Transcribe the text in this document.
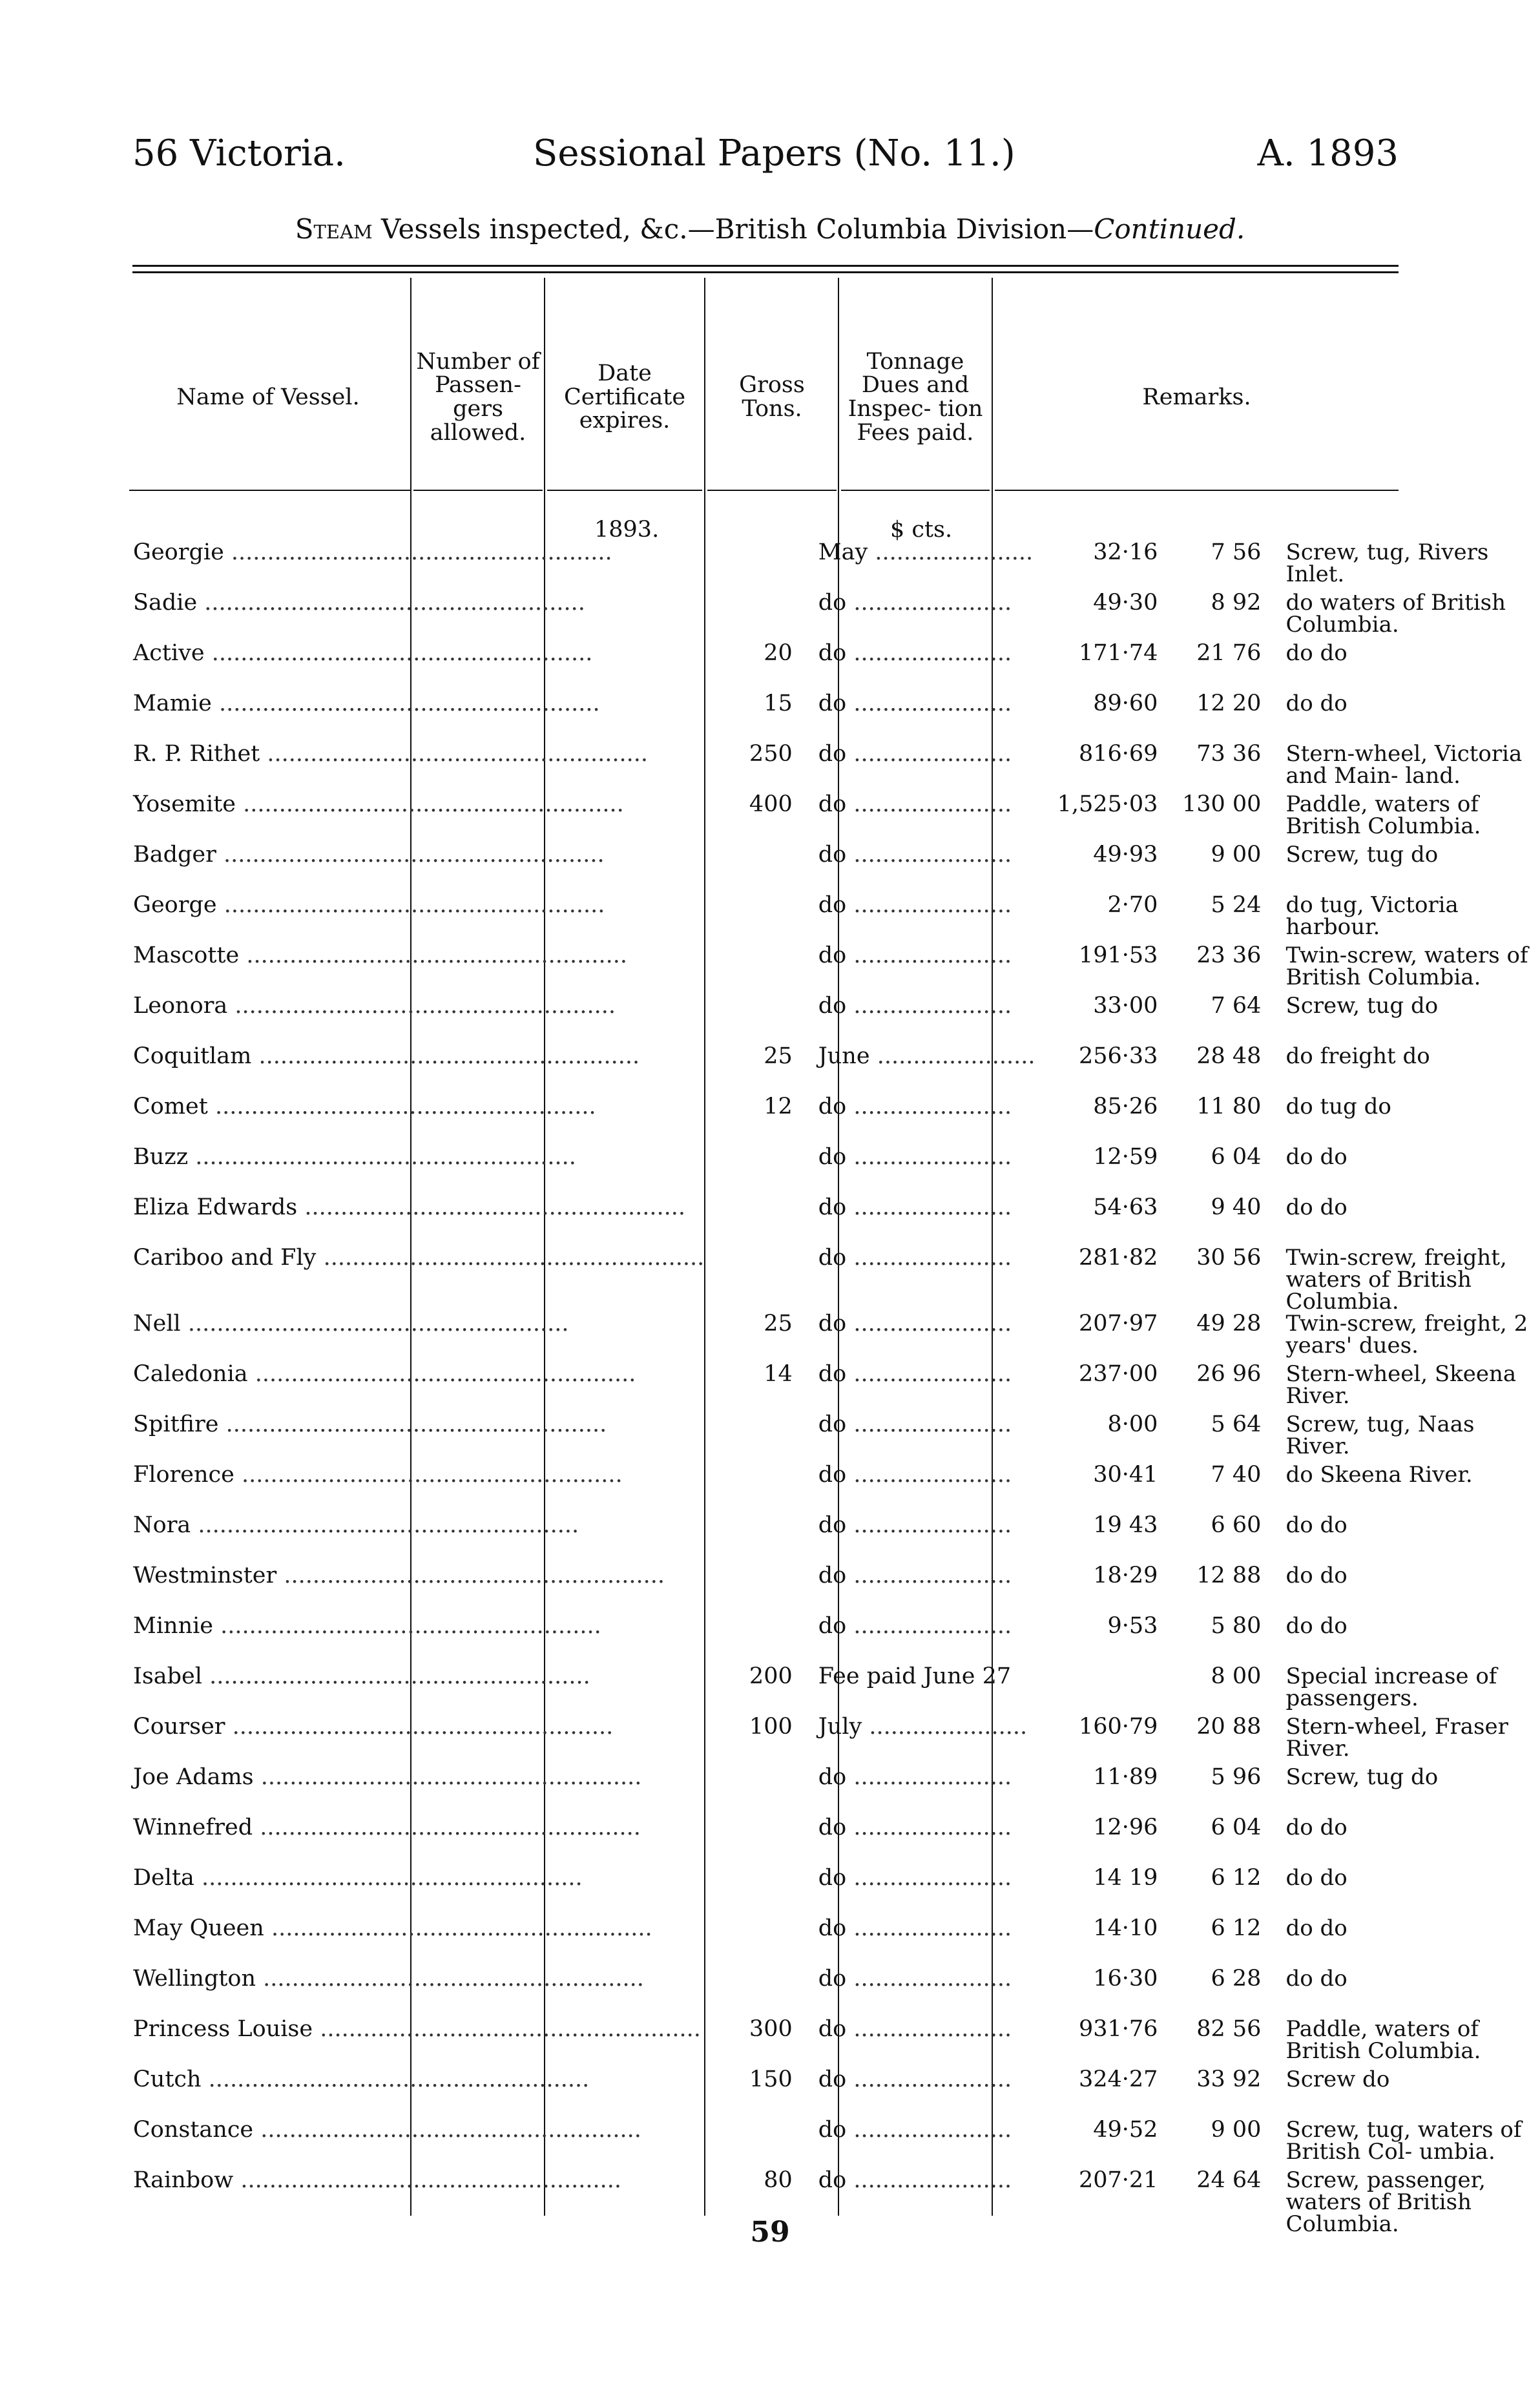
56 Victoria.	Sessional Papers (No. 11.)	A. 1893
Steam Vessels inspected, &c.—British Columbia Division—Continued.
Name of Vessel.
Number of Passen- gers allowed.
Date Certificate expires.
Gross Tons.
Tonnage Dues and Inspec- tion Fees paid.
Remarks.
1893.	$ cts.
Georgie .....		May .....	32·16	7 56	Screw, tug, Rivers Inlet.
Sadie .....		do .....	49·30	8 92	do waters of British Columbia.
Active .....	20	do .....	171·74	21 76	do do
Mamie .....	15	do .....	89·60	12 20	do do
R. P. Rithet .....	250	do .....	816·69	73 36	Stern-wheel, Victoria and Main- land.
Yosemite .....	400	do .....	1,525·03	130 00	Paddle, waters of British Columbia.
Badger .....		do .....	49·93	9 00	Screw, tug do
George .....		do .....	2·70	5 24	do tug, Victoria harbour.
Mascotte .....		do .....	191·53	23 36	Twin-screw, waters of British Columbia.
Leonora .....		do .....	33·00	7 64	Screw, tug do
Coquitlam .....	25	June .....	256·33	28 48	do freight do
Comet .....	12	do .....	85·26	11 80	do tug do
Buzz .....		do .....	12·59	6 04	do do
Eliza Edwards .....		do .....	54·63	9 40	do do
Cariboo and Fly .....		do .....	281·82	30 56	Twin-screw, freight, waters of British Columbia.
Nell .....	25	do .....	207·97	49 28	Twin-screw, freight, 2 years' dues.
Caledonia .....	14	do .....	237·00	26 96	Stern-wheel, Skeena River.
Spitfire .....		do .....	8·00	5 64	Screw, tug, Naas River.
Florence .....		do .....	30·41	7 40	do Skeena River.
Nora .....		do .....	19 43	6 60	do do
Westminster .....		do .....	18·29	12 88	do do
Minnie .....		do .....	9·53	5 80	do do
Isabel .....	200	Fee paid June 27		8 00	Special increase of passengers.
Courser .....	100	July .....	160·79	20 88	Stern-wheel, Fraser River.
Joe Adams .....		do .....	11·89	5 96	Screw, tug do
Winnefred .....		do .....	12·96	6 04	do do
Delta .....		do .....	14 19	6 12	do do
May Queen .....		do .....	14·10	6 12	do do
Wellington .....		do .....	16·30	6 28	do do
Princess Louise .....	300	do .....	931·76	82 56	Paddle, waters of British Columbia.
Cutch .....	150	do .....	324·27	33 92	Screw do
Constance .....		do .....	49·52	9 00	Screw, tug, waters of British Col- umbia.
Rainbow .....	80	do .....	207·21	24 64	Screw, passenger, waters of British Columbia.
59
